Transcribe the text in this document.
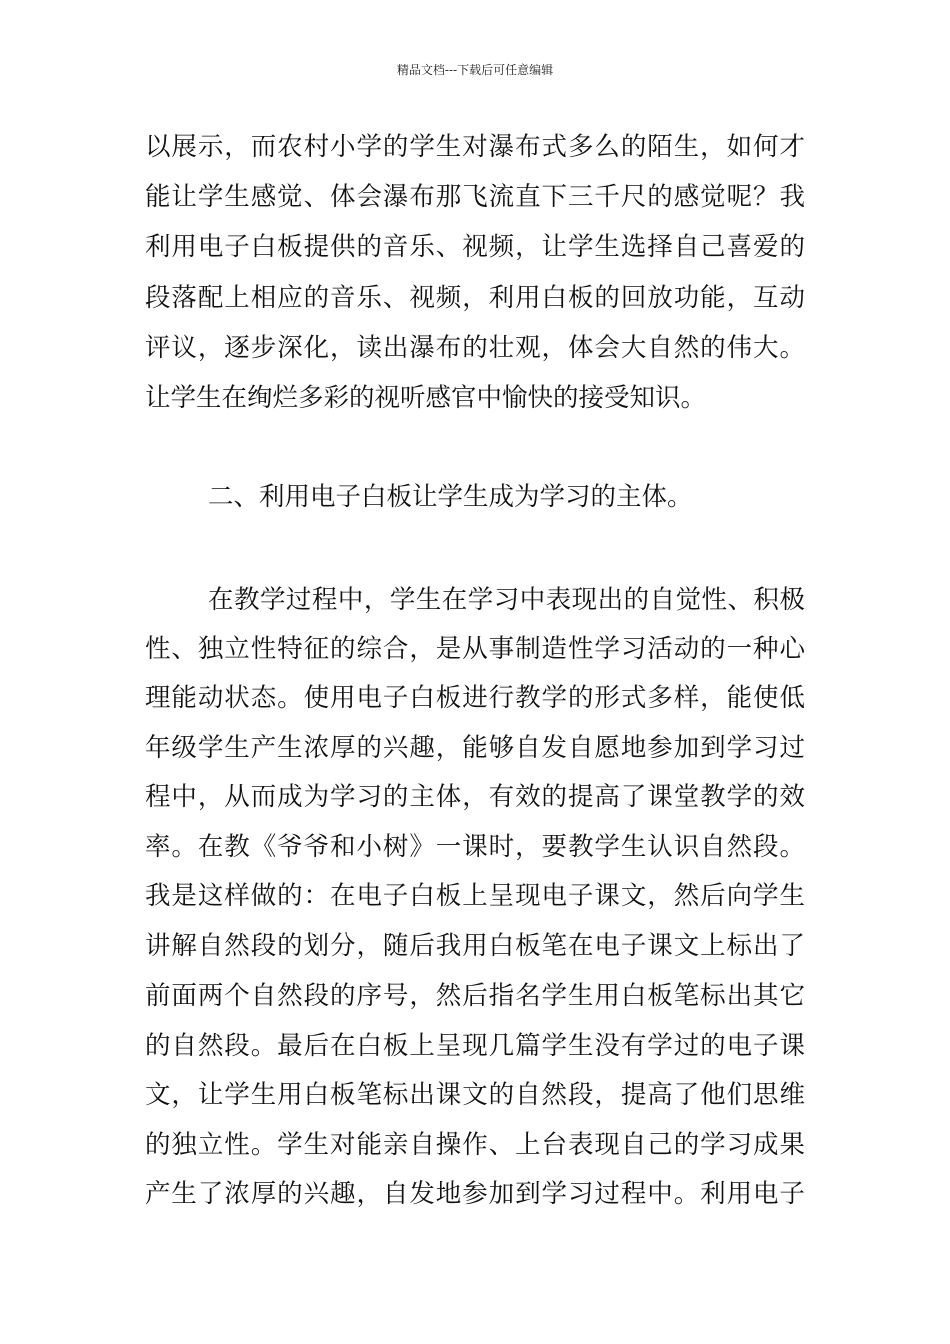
精品文档---下载后可任意编辑
以展示，而农村小学的学生对瀑布式多么的陌生，如何才
能让学生感觉、体会瀑布那飞流直下三千尺的感觉呢？我
利用电子白板提供的音乐、视频，让学生选择自己喜爱的
段落配上相应的音乐、视频，利用白板的回放功能，互动
评议，逐步深化，读出瀑布的壮观，体会大自然的伟大。
让学生在绚烂多彩的视听感官中愉快的接受知识。
二、利用电子白板让学生成为学习的主体。
在教学过程中，学生在学习中表现出的自觉性、积极
性、独立性特征的综合，是从事制造性学习活动的一种心
理能动状态。使用电子白板进行教学的形式多样，能使低
年级学生产生浓厚的兴趣，能够自发自愿地参加到学习过
程中，从而成为学习的主体，有效的提高了课堂教学的效
率。在教《爷爷和小树》一课时，要教学生认识自然段。
我是这样做的：在电子白板上呈现电子课文，然后向学生
讲解自然段的划分，随后我用白板笔在电子课文上标出了
前面两个自然段的序号，然后指名学生用白板笔标出其它
的自然段。最后在白板上呈现几篇学生没有学过的电子课
文，让学生用白板笔标出课文的自然段，提高了他们思维
的独立性。学生对能亲自操作、上台表现自己的学习成果
产生了浓厚的兴趣，自发地参加到学习过程中。利用电子
